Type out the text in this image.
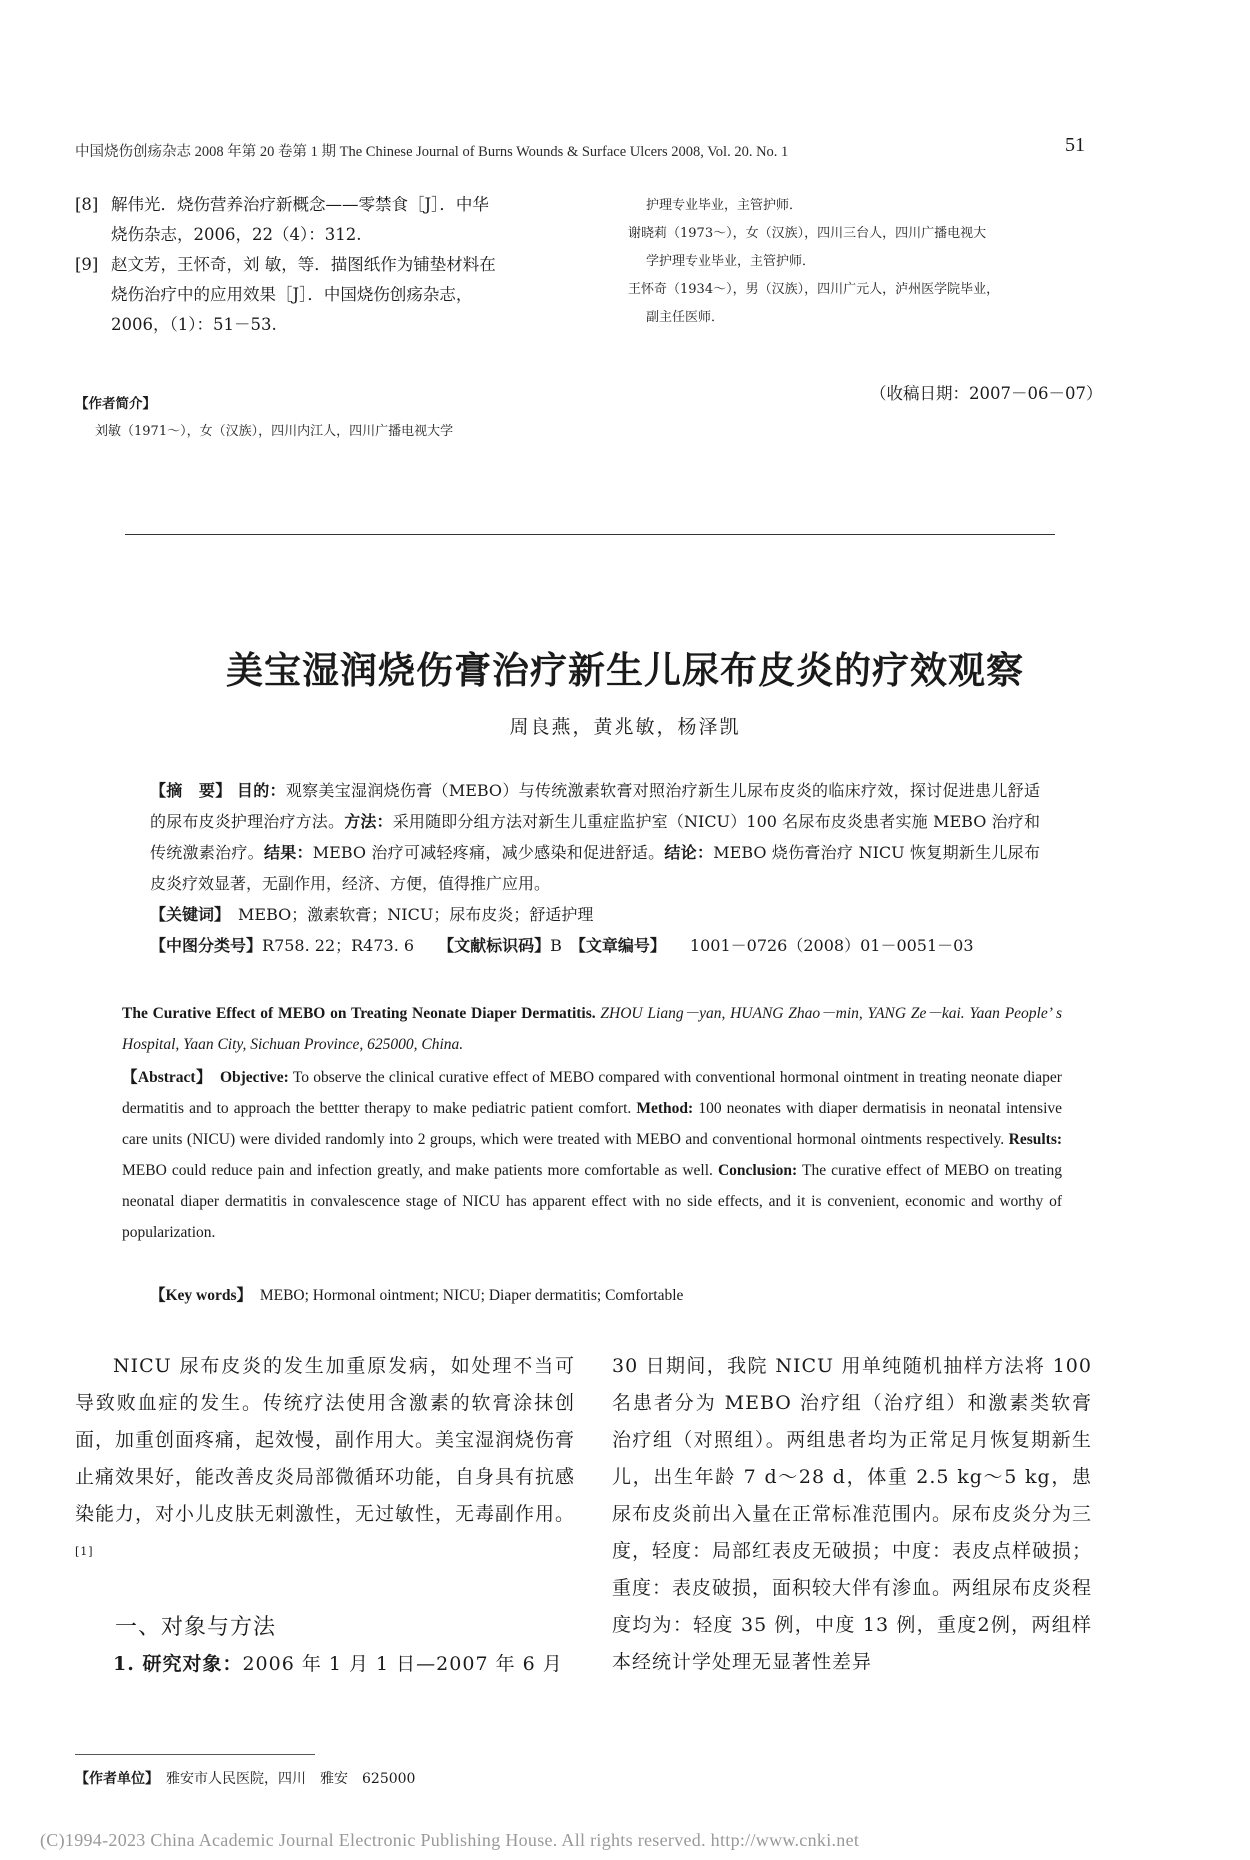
中国烧伤创疡杂志 2008 年第 20 卷第 1 期 The Chinese Journal of Burns Wounds & Surface Ulcers 2008, Vol. 20. No. 1	51
[8] 解伟光．烧伤营养治疗新概念——零禁食［J］．中华
烧伤杂志，2006，22（4）：312.
[9] 赵文芳，王怀奇，刘 敏，等．描图纸作为铺垫材料在
烧伤治疗中的应用效果［J］．中国烧伤创疡杂志，
2006，（1）：51－53.
【作者简介】
刘敏（1971～），女（汉族），四川内江人，四川广播电视大学
护理专业毕业，主管护师．
谢晓莉（1973～），女（汉族），四川三台人，四川广播电视大
学护理专业毕业，主管护师．
王怀奇（1934～），男（汉族），四川广元人，泸州医学院毕业，
副主任医师．
（收稿日期：2007－06－07）
美宝湿润烧伤膏治疗新生儿尿布皮炎的疗效观察
周良燕，黄兆敏，杨泽凯
【摘　要】 目的：观察美宝湿润烧伤膏（MEBO）与传统激素软膏对照治疗新生儿尿布皮炎的临床疗效，探讨促进患儿舒适的尿布皮炎护理治疗方法。方法：采用随即分组方法对新生儿重症监护室（NICU）100 名尿布皮炎患者实施 MEBO 治疗和传统激素治疗。结果：MEBO 治疗可减轻疼痛，减少感染和促进舒适。结论：MEBO 烧伤膏治疗 NICU 恢复期新生儿尿布皮炎疗效显著，无副作用，经济、方便，值得推广应用。
【关键词】　 MEBO；激素软膏；NICU；尿布皮炎；舒适护理
【中图分类号】R758. 22；R473. 6　　 【文献标识码】B　 【文章编号】　　 1001－0726（2008）01－0051－03
The Curative Effect of MEBO on Treating Neonate Diaper Dermatitis. ZHOU Liang－yan, HUANG Zhao－min, YANG Ze－kai. Yaan People’ s Hospital, Yaan City, Sichuan Province, 625000, China.
【Abstract】　 Objective: To observe the clinical curative effect of MEBO compared with conventional hormonal ointment in treating neonate diaper dermatitis and to approach the bettter therapy to make pediatric patient comfort. Method: 100 neonates with diaper dermatisis in neonatal intensive care units (NICU) were divided randomly into 2 groups, which were treated with MEBO and conventional hormonal ointments respectively. Results: MEBO could reduce pain and infection greatly, and make patients more comfortable as well. Conclusion: The curative effect of MEBO on treating neonatal diaper dermatitis in convalescence stage of NICU has apparent effect with no side effects, and it is convenient, economic and worthy of popularization.
【Key words】　 MEBO; Hormonal ointment; NICU; Diaper dermatitis; Comfortable
NICU 尿布皮炎的发生加重原发病，如处理不当可导致败血症的发生。传统疗法使用含激素的软膏涂抹创面，加重创面疼痛，起效慢，副作用大。美宝湿润烧伤膏止痛效果好，能改善皮炎局部微循环功能，自身具有抗感染能力，对小儿皮肤无刺激性，无过敏性，无毒副作用。[1]
一、对象与方法
1. 研究对象：2006 年 1 月 1 日—2007 年 6 月
30 日期间，我院 NICU 用单纯随机抽样方法将 100 名患者分为 MEBO 治疗组（治疗组）和激素类软膏治疗组（对照组）。两组患者均为正常足月恢复期新生儿，出生年龄 7 d～28 d，体重 2.5 kg～5 kg，患尿布皮炎前出入量在正常标准范围内。尿布皮炎分为三度，轻度：局部红表皮无破损；中度：表皮点样破损；重度：表皮破损，面积较大伴有渗血。两组尿布皮炎程度均为：轻度 35 例，中度 13 例，重度2例，两组样本经统计学处理无显著性差异
【作者单位】　 雅安市人民医院，四川　雅安　625000
(C)1994-2023 China Academic Journal Electronic Publishing House. All rights reserved. http://www.cnki.net
